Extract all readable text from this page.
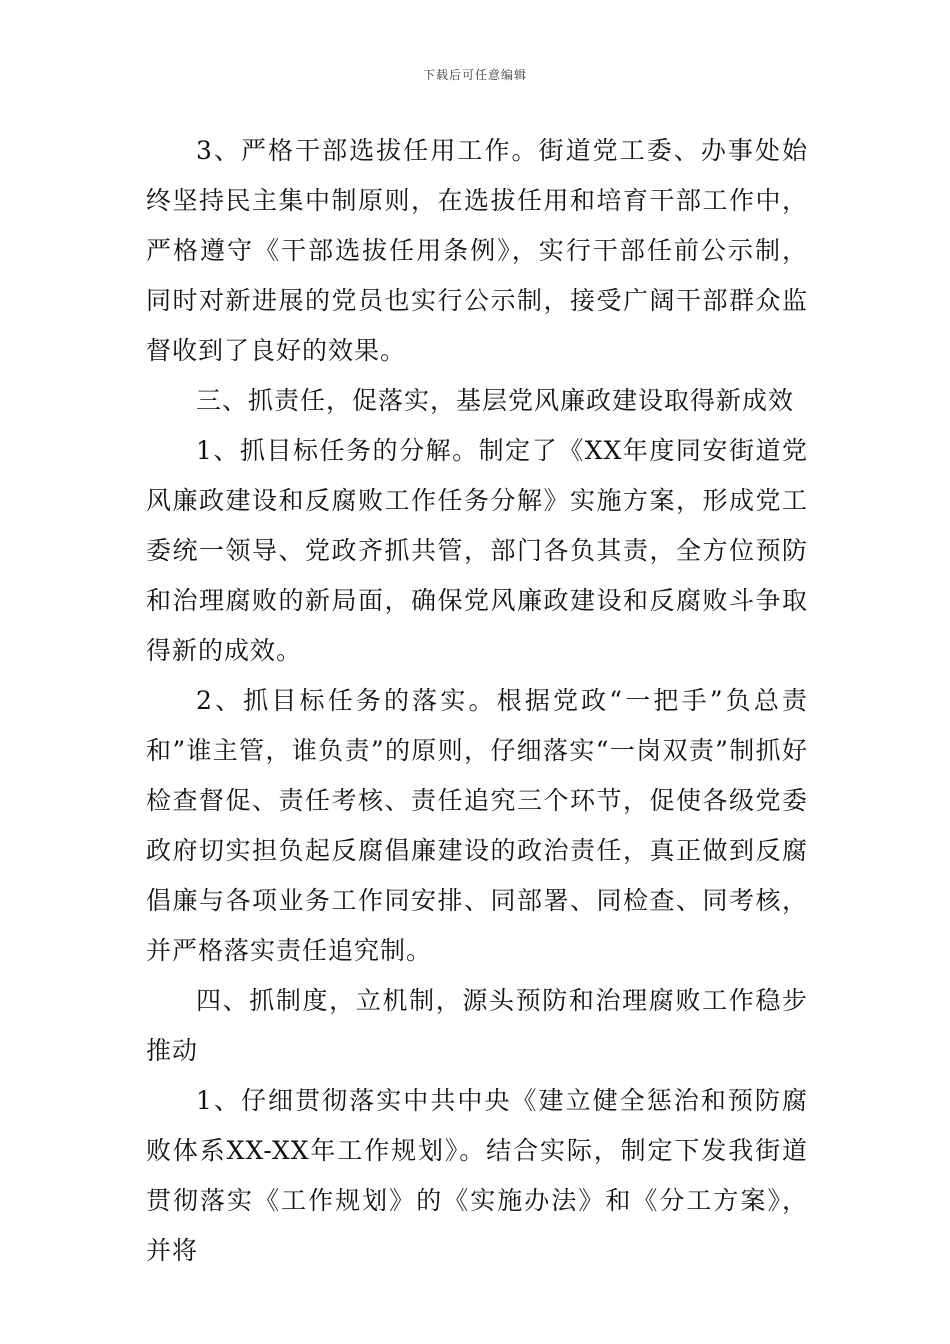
下载后可任意编辑

3、严格干部选拔任用工作。街道党工委、办事处始终坚持民主集中制原则，在选拔任用和培育干部工作中，严格遵守《干部选拔任用条例》，实行干部任前公示制，同时对新进展的党员也实行公示制，接受广阔干部群众监督收到了良好的效果。

三、抓责任，促落实，基层党风廉政建设取得新成效

1、抓目标任务的分解。制定了《XX年度同安街道党风廉政建设和反腐败工作任务分解》实施方案，形成党工委统一领导、党政齐抓共管，部门各负其责，全方位预防和治理腐败的新局面，确保党风廉政建设和反腐败斗争取得新的成效。

2、抓目标任务的落实。根据党政“一把手”负总责和”谁主管，谁负责”的原则，仔细落实“一岗双责”制抓好检查督促、责任考核、责任追究三个环节，促使各级党委政府切实担负起反腐倡廉建设的政治责任，真正做到反腐倡廉与各项业务工作同安排、同部署、同检查、同考核，并严格落实责任追究制。

四、抓制度，立机制，源头预防和治理腐败工作稳步推动

1、仔细贯彻落实中共中央《建立健全惩治和预防腐败体系XX-XX年工作规划》。结合实际，制定下发我街道贯彻落实《工作规划》的《实施办法》和《分工方案》，并将
